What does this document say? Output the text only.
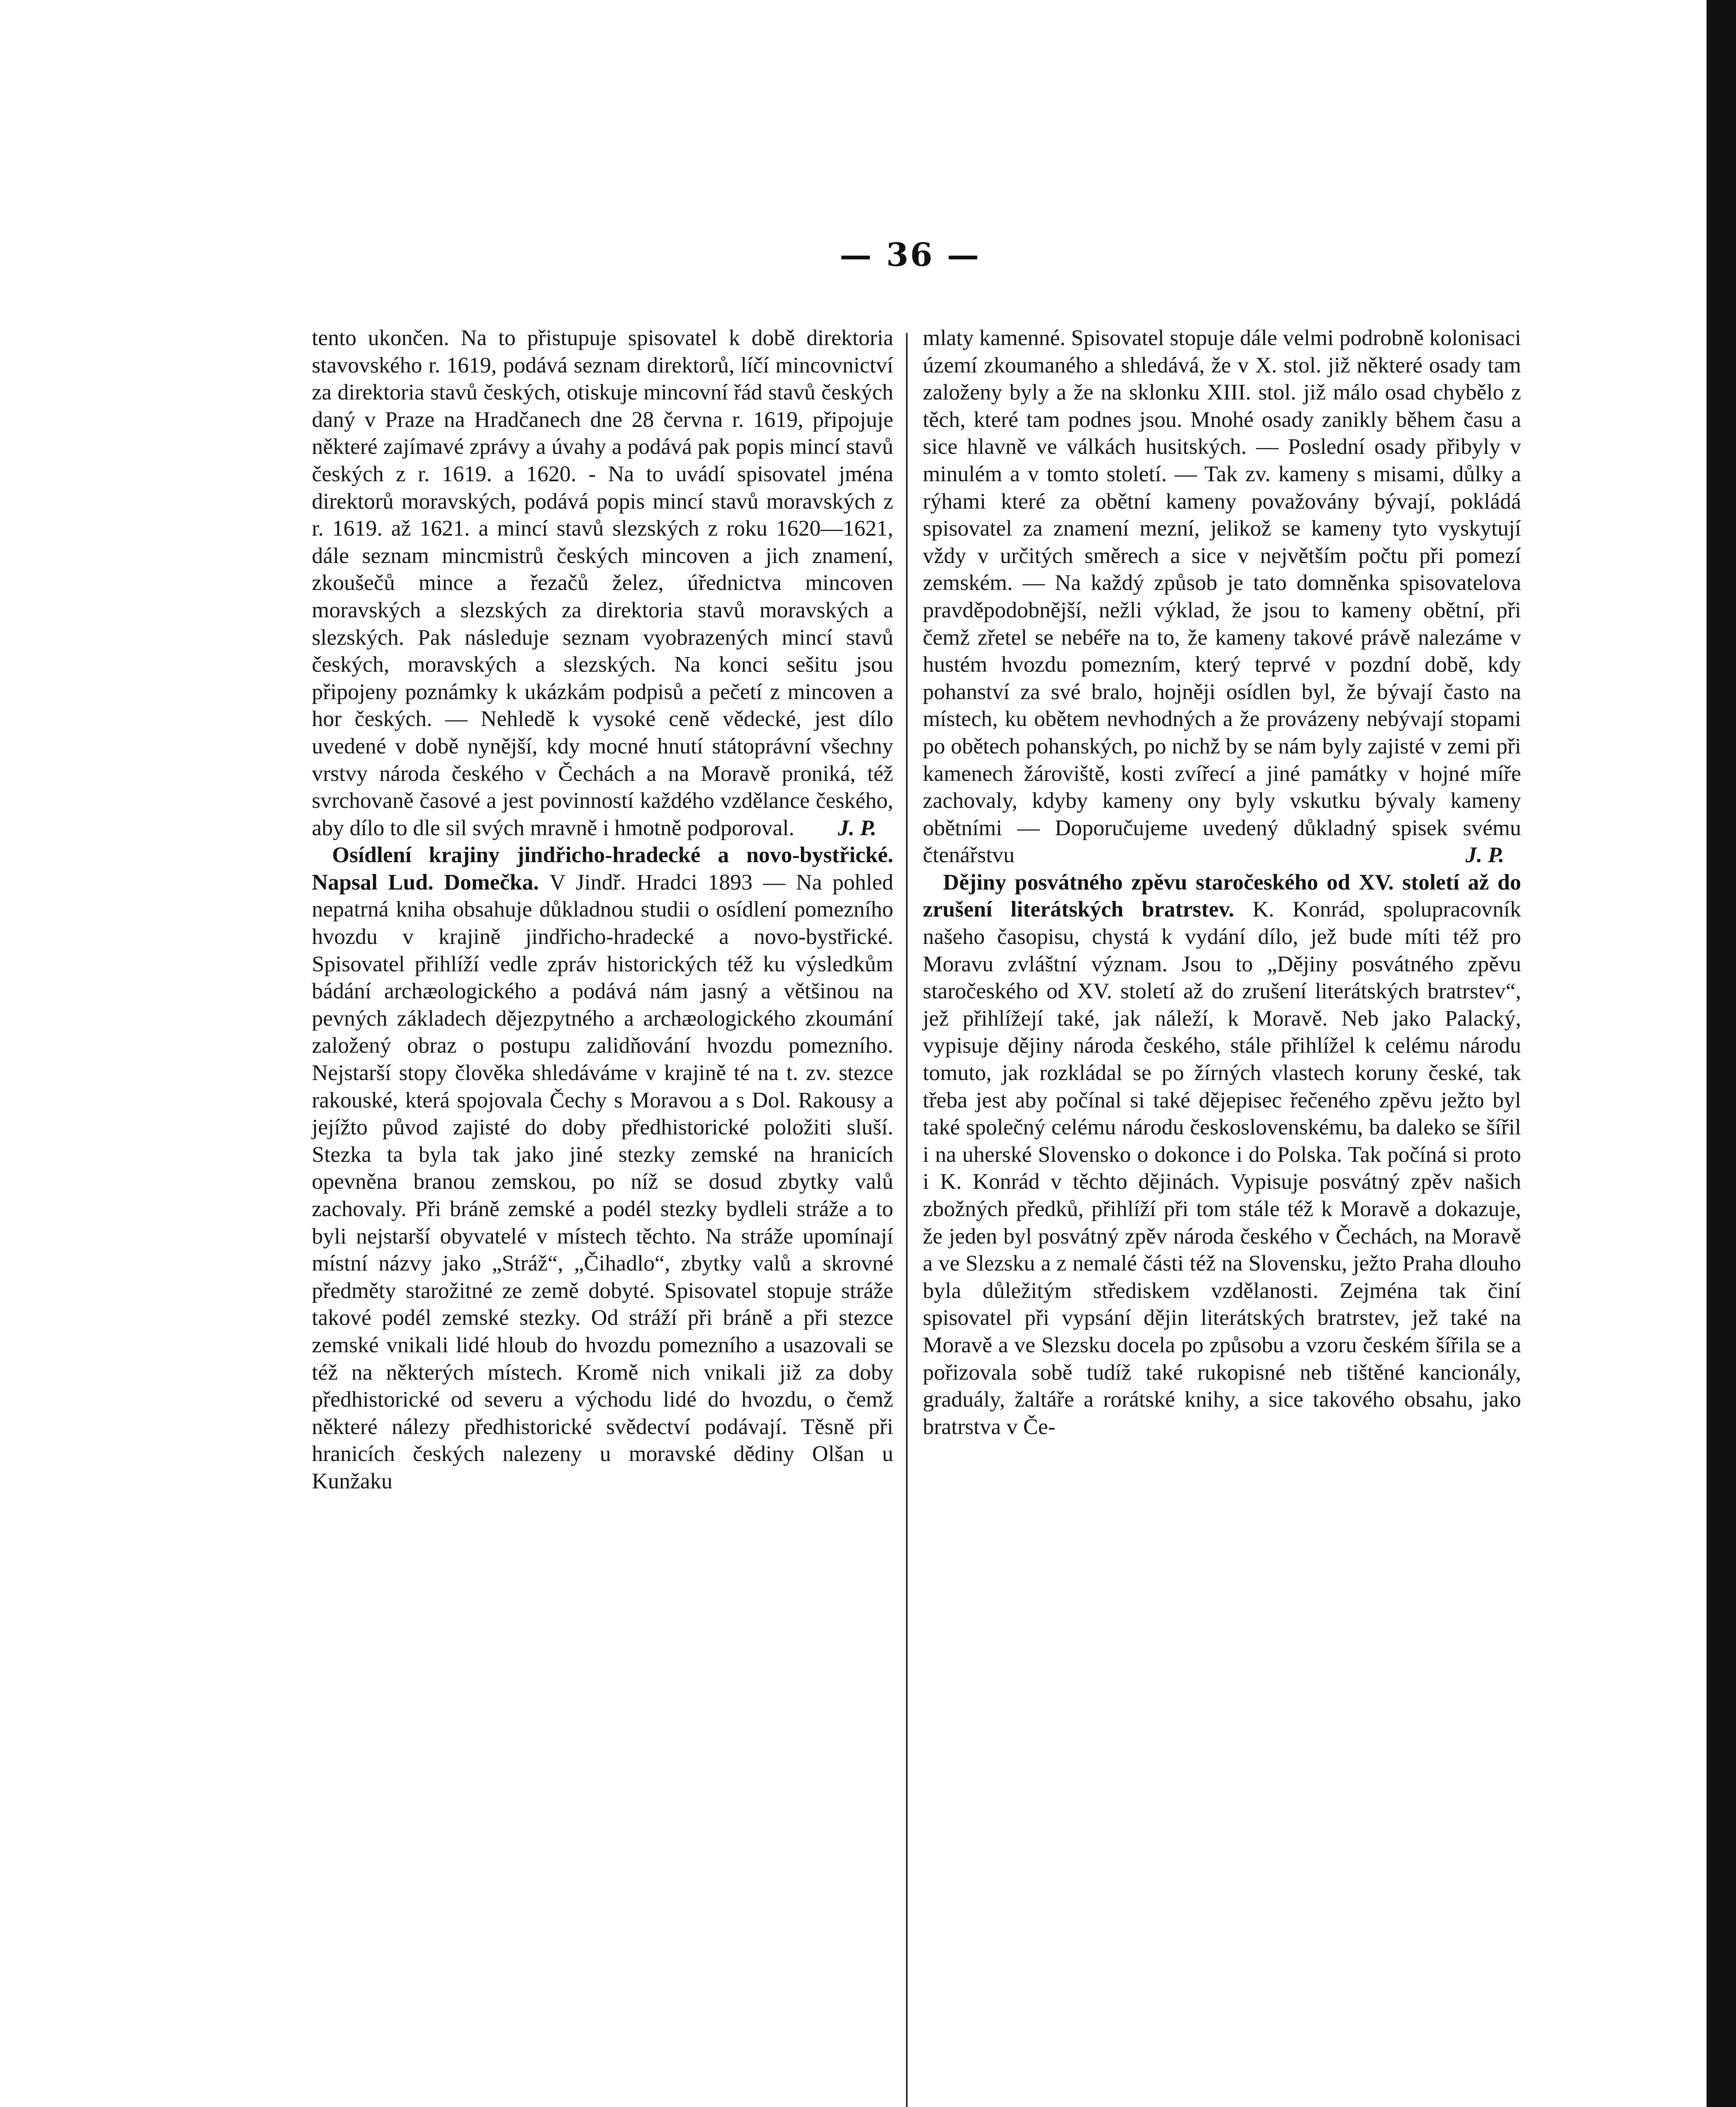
— 36 —

tento ukončen. Na to přistupuje spisovatel k době direktoria stavovského r. 1619, podává seznam direktorů, líčí mincovnictví za direktoria stavů českých, otiskuje mincovní řád stavů českých daný v Praze na Hradčanech dne 28 června r. 1619, připojuje některé zajímavé zprávy a úvahy a podává pak popis mincí stavů českých z r. 1619. a 1620. - Na to uvádí spisovatel jména direktorů moravských, podává popis mincí stavů moravských z r. 1619. až 1621. a mincí stavů slezských z roku 1620—1621, dále seznam mincmistrů českých mincoven a jich znamení, zkoušečů mince a řezačů želez, úřednictva mincoven moravských a slezských za direktoria stavů moravských a slezských. Pak následuje seznam vyobrazených mincí stavů českých, moravských a slezských. Na konci sešitu jsou připojeny poznámky k ukázkám podpisů a pečetí z mincoven a hor českých. — Nehledě k vysoké ceně vědecké, jest dílo uvedené v době nynější, kdy mocné hnutí státoprávní všechny vrstvy národa českého v Čechách a na Moravě proniká, též svrchovaně časové a jest povinností každého vzdělance českého, aby dílo to dle sil svých mravně i hmotně podporoval. J. P.

Osídlení krajiny jindřicho-hradecké a novo-bystřické. Napsal Lud. Domečka. V Jindř. Hradci 1893 — Na pohled nepatrná kniha obsahuje důkladnou studii o osídlení pomezního hvozdu v krajině jindřicho-hradecké a novo-bystřické. Spisovatel přihlíží vedle zpráv historických též ku výsledkům bádání archæologického a podává nám jasný a většinou na pevných základech dějezpytného a archæologického zkoumání založený obraz o postupu zalidňování hvozdu pomezního. Nejstarší stopy člověka shledáváme v krajině té na t. zv. stezce rakouské, která spojovala Čechy s Moravou a s Dol. Rakousy a jejížto původ zajisté do doby předhistorické položiti sluší. Stezka ta byla tak jako jiné stezky zemské na hranicích opevněna branou zemskou, po níž se dosud zbytky valů zachovaly. Při bráně zemské a podél stezky bydleli stráže a to byli nejstarší obyvatelé v místech těchto. Na stráže upomínají místní názvy jako „Stráž“, „Čihadlo“, zbytky valů a skrovné předměty starožitné ze země dobyté. Spisovatel stopuje stráže takové podél zemské stezky. Od stráží při bráně a při stezce zemské vnikali lidé hloub do hvozdu pomezního a usazovali se též na některých místech. Kromě nich vnikali již za doby předhistorické od severu a východu lidé do hvozdu, o čemž některé nálezy předhistorické svědectví podávají. Těsně při hranicích českých nalezeny u moravské dědiny Olšan u Kunžaku

mlaty kamenné. Spisovatel stopuje dále velmi podrobně kolonisaci území zkoumaného a shledává, že v X. stol. již některé osady tam založeny byly a že na sklonku XIII. stol. již málo osad chybělo z těch, které tam podnes jsou. Mnohé osady zanikly během času a sice hlavně ve válkách husitských. — Poslední osady přibyly v minulém a v tomto století. — Tak zv. kameny s misami, důlky a rýhami které za obětní kameny považovány bývají, pokládá spisovatel za znamení mezní, jelikož se kameny tyto vyskytují vždy v určitých směrech a sice v největším počtu při pomezí zemském. — Na každý způsob je tato domněnka spisovatelova pravděpodobnější, nežli výklad, že jsou to kameny obětní, při čemž zřetel se nebéře na to, že kameny takové právě nalezáme v hustém hvozdu pomezním, který teprvé v pozdní době, kdy pohanství za své bralo, hojněji osídlen byl, že bývají často na místech, ku obětem nevhodných a že provázeny nebývají stopami po obětech pohanských, po nichž by se nám byly zajisté v zemi při kamenech žároviště, kosti zvířecí a jiné památky v hojné míře zachovaly, kdyby kameny ony byly vskutku bývaly kameny obětními — Doporučujeme uvedený důkladný spisek svému čtenářstvu	J. P.

Dějiny posvátného zpěvu staročeského od XV. století až do zrušení literátských bratrstev. K. Konrád, spolupracovník našeho časopisu, chystá k vydání dílo, jež bude míti též pro Moravu zvláštní význam. Jsou to „Dějiny posvátného zpěvu staročeského od XV. století až do zrušení literátských bratrstev“, jež přihlížejí také, jak náleží, k Moravě. Neb jako Palacký, vypisuje dějiny národa českého, stále přihlížel k celému národu tomuto, jak rozkládal se po žírných vlastech koruny české, tak třeba jest aby počínal si také dějepisec řečeného zpěvu ježto byl také společný celému národu československému, ba daleko se šířil i na uherské Slovensko o dokonce i do Polska. Tak počíná si proto i K. Konrád v těchto dějinách. Vypisuje posvátný zpěv našich zbožných předků, přihlíží při tom stále též k Moravě a dokazuje, že jeden byl posvátný zpěv národa českého v Čechách, na Moravě a ve Slezsku a z nemalé části též na Slovensku, ježto Praha dlouho byla důležitým střediskem vzdělanosti. Zejména tak činí spisovatel při vypsání dějin literátských bratrstev, jež také na Moravě a ve Slezsku docela po způsobu a vzoru českém šířila se a pořizovala sobě tudíž také rukopisné neb tištěné kancionály, graduály, žaltáře a rorátské knihy, a sice takového obsahu, jako bratrstva v Če-
